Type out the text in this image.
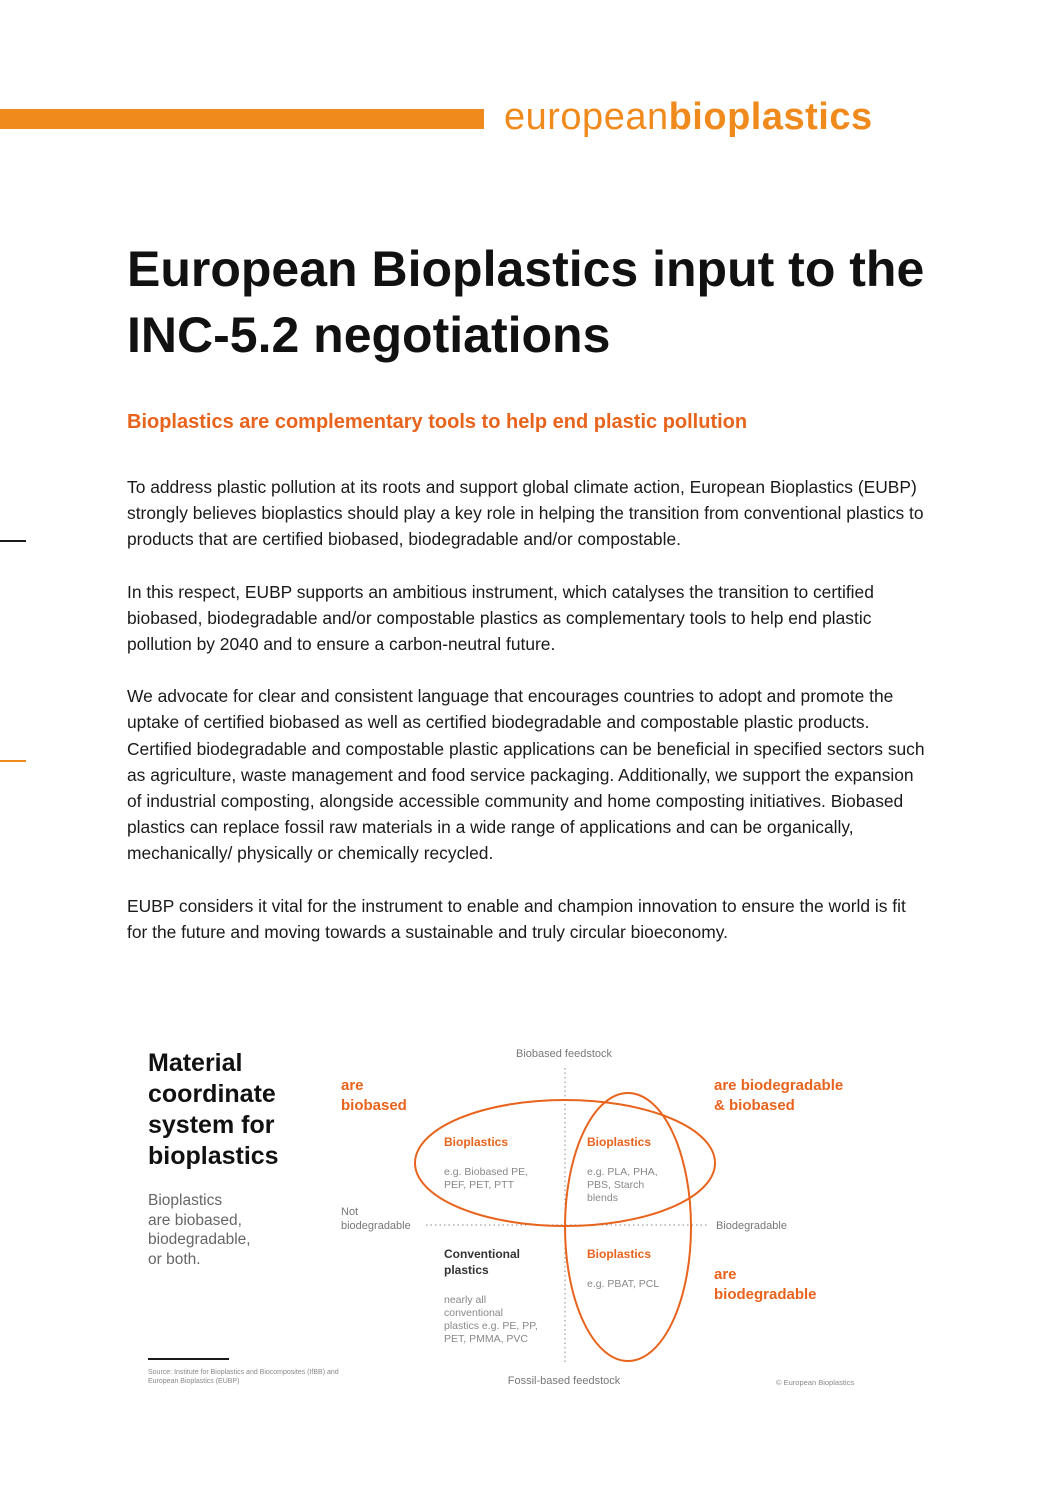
europeanbioplastics
European Bioplastics input to the INC-5.2 negotiations
Bioplastics are complementary tools to help end plastic pollution

To address plastic pollution at its roots and support global climate action, European Bioplastics (EUBP) strongly believes bioplastics should play a key role in helping the transition from conventional plastics to products that are certified biobased, biodegradable and/or compostable.

In this respect, EUBP supports an ambitious instrument, which catalyses the transition to certified biobased, biodegradable and/or compostable plastics as complementary tools to help end plastic pollution by 2040 and to ensure a carbon-neutral future.

We advocate for clear and consistent language that encourages countries to adopt and promote the uptake of certified biobased as well as certified biodegradable and compostable plastic products. Certified biodegradable and compostable plastic applications can be beneficial in specified sectors such as agriculture, waste management and food service packaging. Additionally, we support the expansion of industrial composting, alongside accessible community and home composting initiatives. Biobased plastics can replace fossil raw materials in a wide range of applications and can be organically, mechanically/ physically or chemically recycled.

EUBP considers it vital for the instrument to enable and champion innovation to ensure the world is fit for the future and moving towards a sustainable and truly circular bioeconomy.

Material coordinate system for bioplastics
Bioplastics
are biobased,
biodegradable,
or both.
Source: Institute for Bioplastics and Biocomposites (IfBB) and European Bioplastics (EUBP)
Biobased feedstock
Fossil-based feedstock
Not
biodegradable	Biodegradable
are
biobased
are biodegradable
& biobased
are
biodegradable
Bioplastics
e.g. Biobased PE,
PEF, PET, PTT
Bioplastics
e.g. PLA, PHA,
PBS, Starch
blends
Conventional
plastics
nearly all
conventional
plastics e.g. PE, PP,
PET, PMMA, PVC
Bioplastics
e.g. PBAT, PCL
© European Bioplastics
